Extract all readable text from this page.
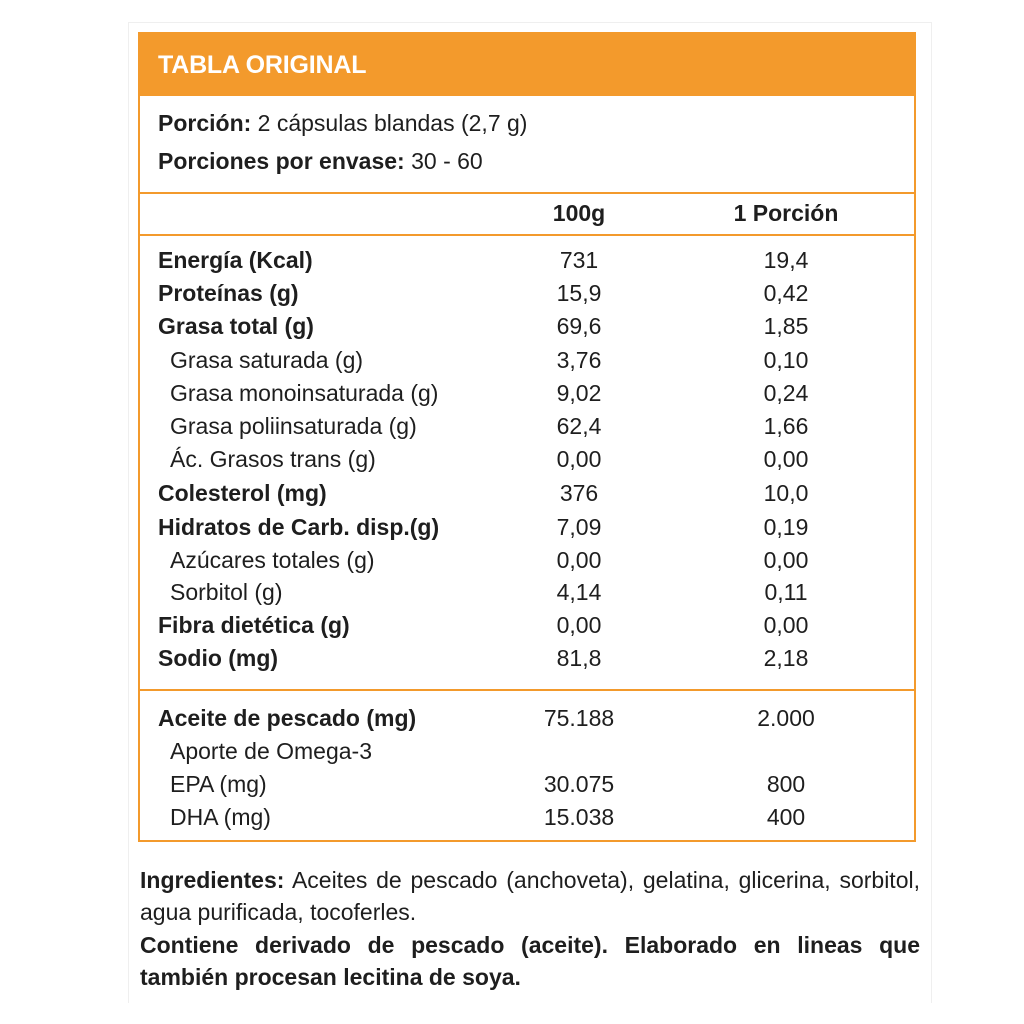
TABLA ORIGINAL
Porción: 2 cápsulas blandas (2,7 g)
Porciones por envase: 30 - 60
100g	1 Porción
Energía (Kcal)	731	19,4
Proteínas (g)	15,9	0,42
Grasa total (g)	69,6	1,85
Grasa saturada (g)	3,76	0,10
Grasa monoinsaturada (g)	9,02	0,24
Grasa poliinsaturada (g)	62,4	1,66
Ác. Grasos trans (g)	0,00	0,00
Colesterol (mg)	376	10,0
Hidratos de Carb. disp.(g)	7,09	0,19
Azúcares totales (g)	0,00	0,00
Sorbitol (g)	4,14	0,11
Fibra dietética (g)	0,00	0,00
Sodio (mg)	81,8	2,18
Aceite de pescado (mg)	75.188	2.000
Aporte de Omega-3
EPA (mg)	30.075	800
DHA (mg)	15.038	400
Ingredientes: Aceites de pescado (anchoveta), gelatina, glicerina, sorbitol, agua purificada, tocoferles.
Contiene derivado de pescado (aceite). Elaborado en lineas que también procesan lecitina de soya.
